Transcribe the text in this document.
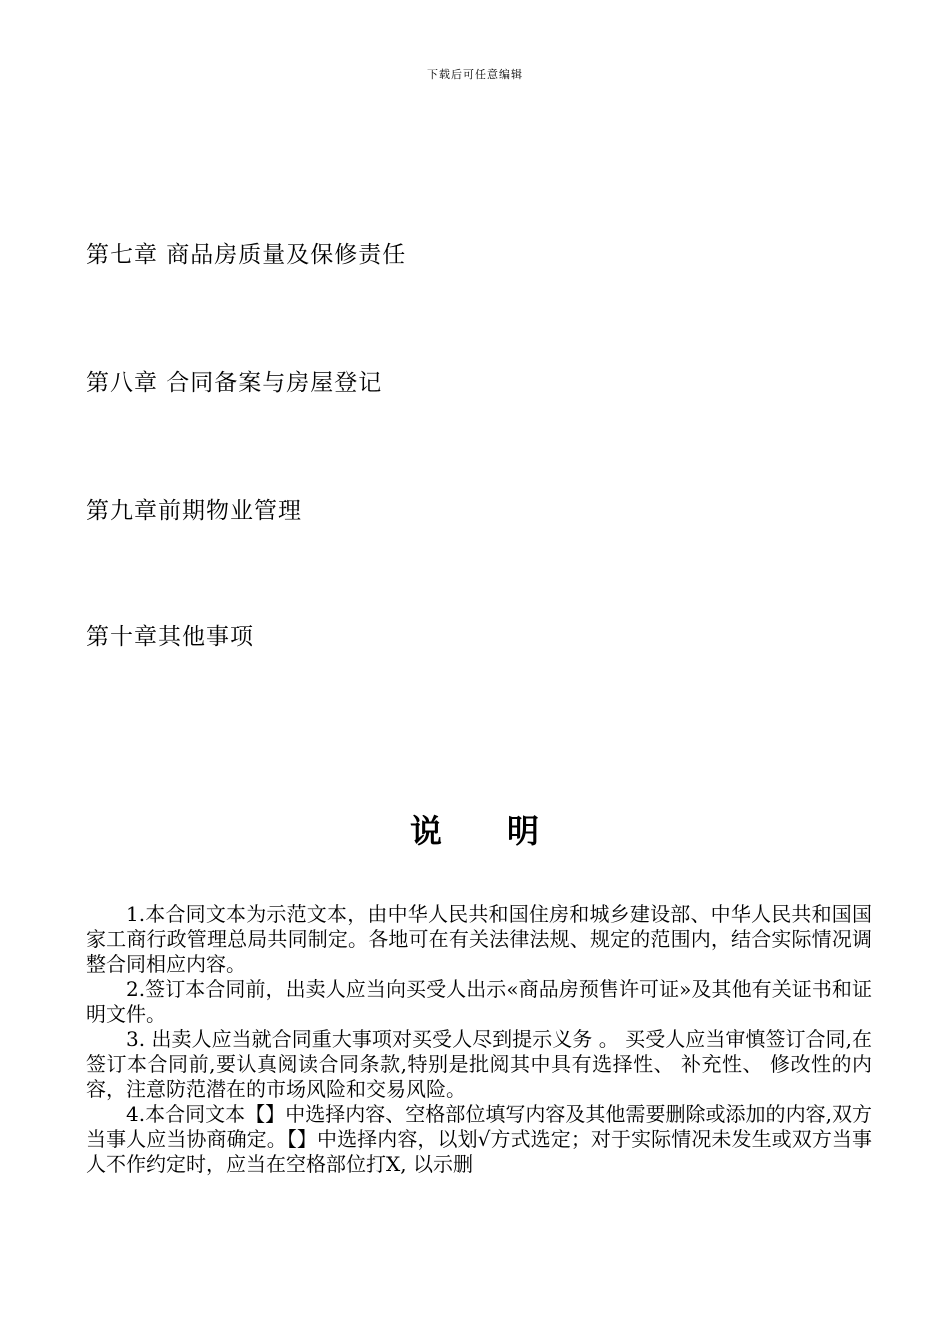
下载后可任意编辑
第七章 商品房质量及保修责任
第八章 合同备案与房屋登记
第九章前期物业管理
第十章其他事项
说 明

1.本合同文本为示范文本，由中华人民共和国住房和城乡建设部、中华人民共和国国家工商行政管理总局共同制定。各地可在有关法律法规、规定的范围内，结合实际情况调整合同相应内容。

2.签订本合同前，出卖人应当向买受人出示«商品房预售许可证»及其他有关证书和证明文件。

3. 出卖人应当就合同重大事项对买受人尽到提示义务 。 买受人应当审慎签订合同,在签订本合同前,要认真阅读合同条款,特别是批阅其中具有选择性、 补充性、 修改性的内容，注意防范潜在的市场风险和交易风险。

4.本合同文本【】中选择内容、空格部位填写内容及其他需要删除或添加的内容,双方当事人应当协商确定。【】中选择内容，以划√方式选定；对于实际情况未发生或双方当事人不作约定时，应当在空格部位打X, 以示删
